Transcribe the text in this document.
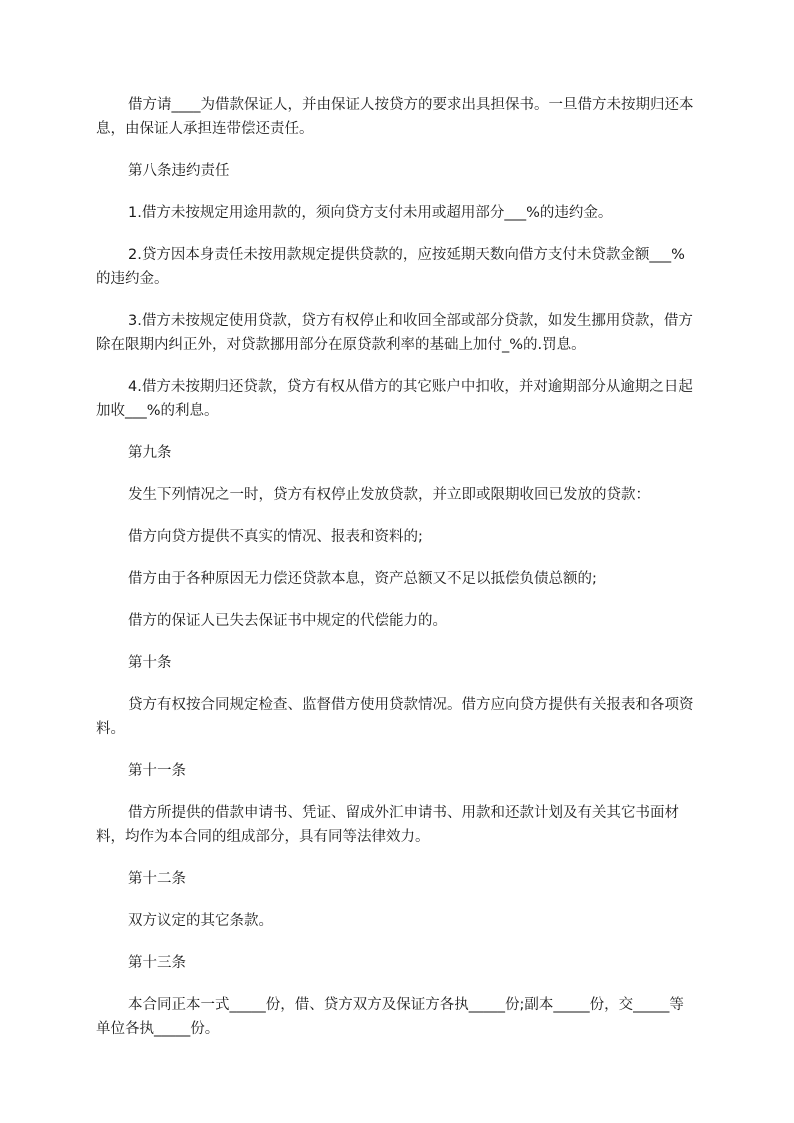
借方请____为借款保证人，并由保证人按贷方的要求出具担保书。一旦借方未按期归还本息，由保证人承担连带偿还责任。

第八条违约责任

1.借方未按规定用途用款的，须向贷方支付未用或超用部分___%的违约金。

2.贷方因本身责任未按用款规定提供贷款的，应按延期天数向借方支付未贷款金额___%的违约金。

3.借方未按规定使用贷款，贷方有权停止和收回全部或部分贷款，如发生挪用贷款，借方除在限期内纠正外，对贷款挪用部分在原贷款利率的基础上加付_%的.罚息。

4.借方未按期归还贷款，贷方有权从借方的其它账户中扣收，并对逾期部分从逾期之日起加收___%的利息。

第九条

发生下列情况之一时，贷方有权停止发放贷款，并立即或限期收回已发放的贷款：

借方向贷方提供不真实的情况、报表和资料的;

借方由于各种原因无力偿还贷款本息，资产总额又不足以抵偿负债总额的;

借方的保证人已失去保证书中规定的代偿能力的。

第十条

贷方有权按合同规定检查、监督借方使用贷款情况。借方应向贷方提供有关报表和各项资料。

第十一条

借方所提供的借款申请书、凭证、留成外汇申请书、用款和还款计划及有关其它书面材料，均作为本合同的组成部分，具有同等法律效力。

第十二条

双方议定的其它条款。

第十三条

本合同正本一式_____份，借、贷方双方及保证方各执_____份;副本_____份，交_____等单位各执_____份。
